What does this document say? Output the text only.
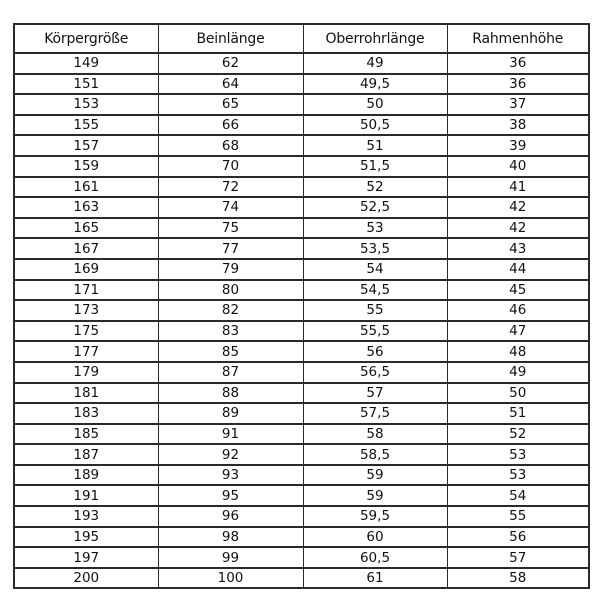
Körpergröße	Beinlänge	Oberrohrlänge	Rahmenhöhe
149	62	49	36
151	64	49,5	36
153	65	50	37
155	66	50,5	38
157	68	51	39
159	70	51,5	40
161	72	52	41
163	74	52,5	42
165	75	53	42
167	77	53,5	43
169	79	54	44
171	80	54,5	45
173	82	55	46
175	83	55,5	47
177	85	56	48
179	87	56,5	49
181	88	57	50
183	89	57,5	51
185	91	58	52
187	92	58,5	53
189	93	59	53
191	95	59	54
193	96	59,5	55
195	98	60	56
197	99	60,5	57
200	100	61	58
